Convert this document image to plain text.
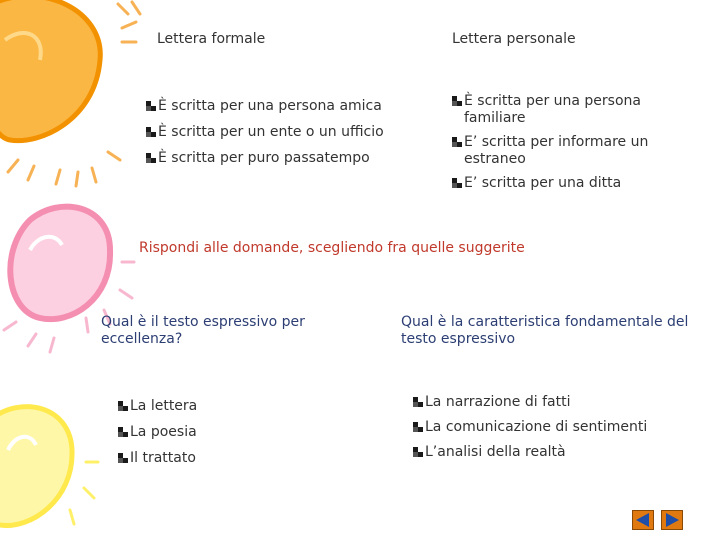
Lettera formale	Lettera personale
È scritta per una persona amica
È scritta per un ente o un ufficio
È scritta per puro passatempo
È scritta per una persona familiare
E’ scritta per informare un estraneo
E’ scritta per una ditta
Rispondi alle domande, scegliendo fra quelle suggerite
Qual è il testo espressivo per eccellenza?
La lettera
La poesia
Il trattato
Qual è la caratteristica fondamentale del testo espressivo
La narrazione di fatti
La comunicazione di sentimenti
L’analisi della realtà
